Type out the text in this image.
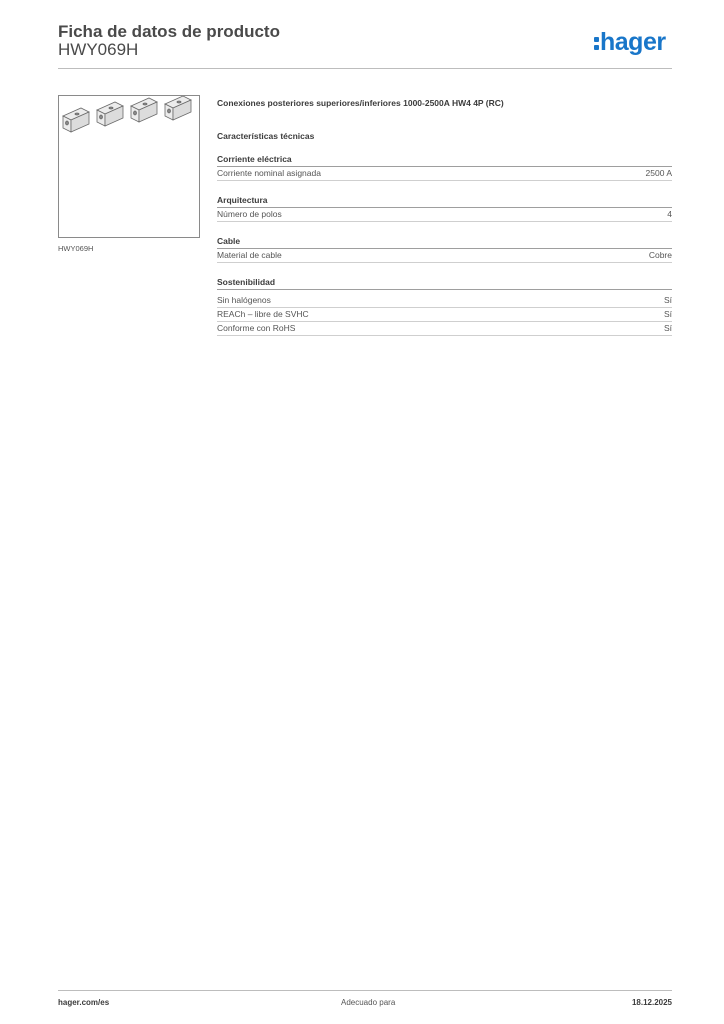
Ficha de datos de producto
HWY069H	hager
HWY069H
Conexiones posteriores superiores/inferiores 1000-2500A HW4 4P (RC)
Características técnicas
Corriente eléctrica
Corriente nominal asignada	2500 A
Arquitectura
Número de polos	4
Cable
Material de cable	Cobre
Sostenibilidad
Sin halógenos	Sí
REACh – libre de SVHC	Sí
Conforme con RoHS	Sí
hager.com/es	Adecuado para	18.12.2025
